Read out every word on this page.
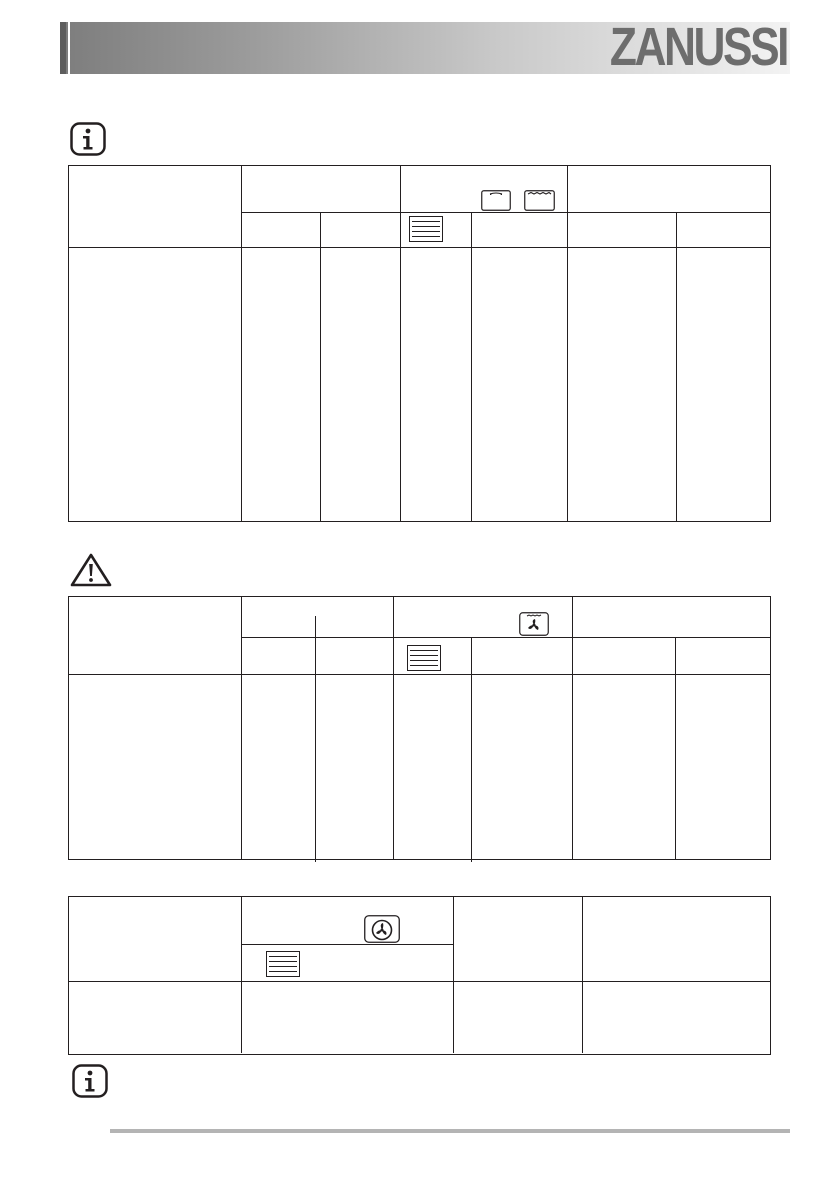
ZANUSSI
